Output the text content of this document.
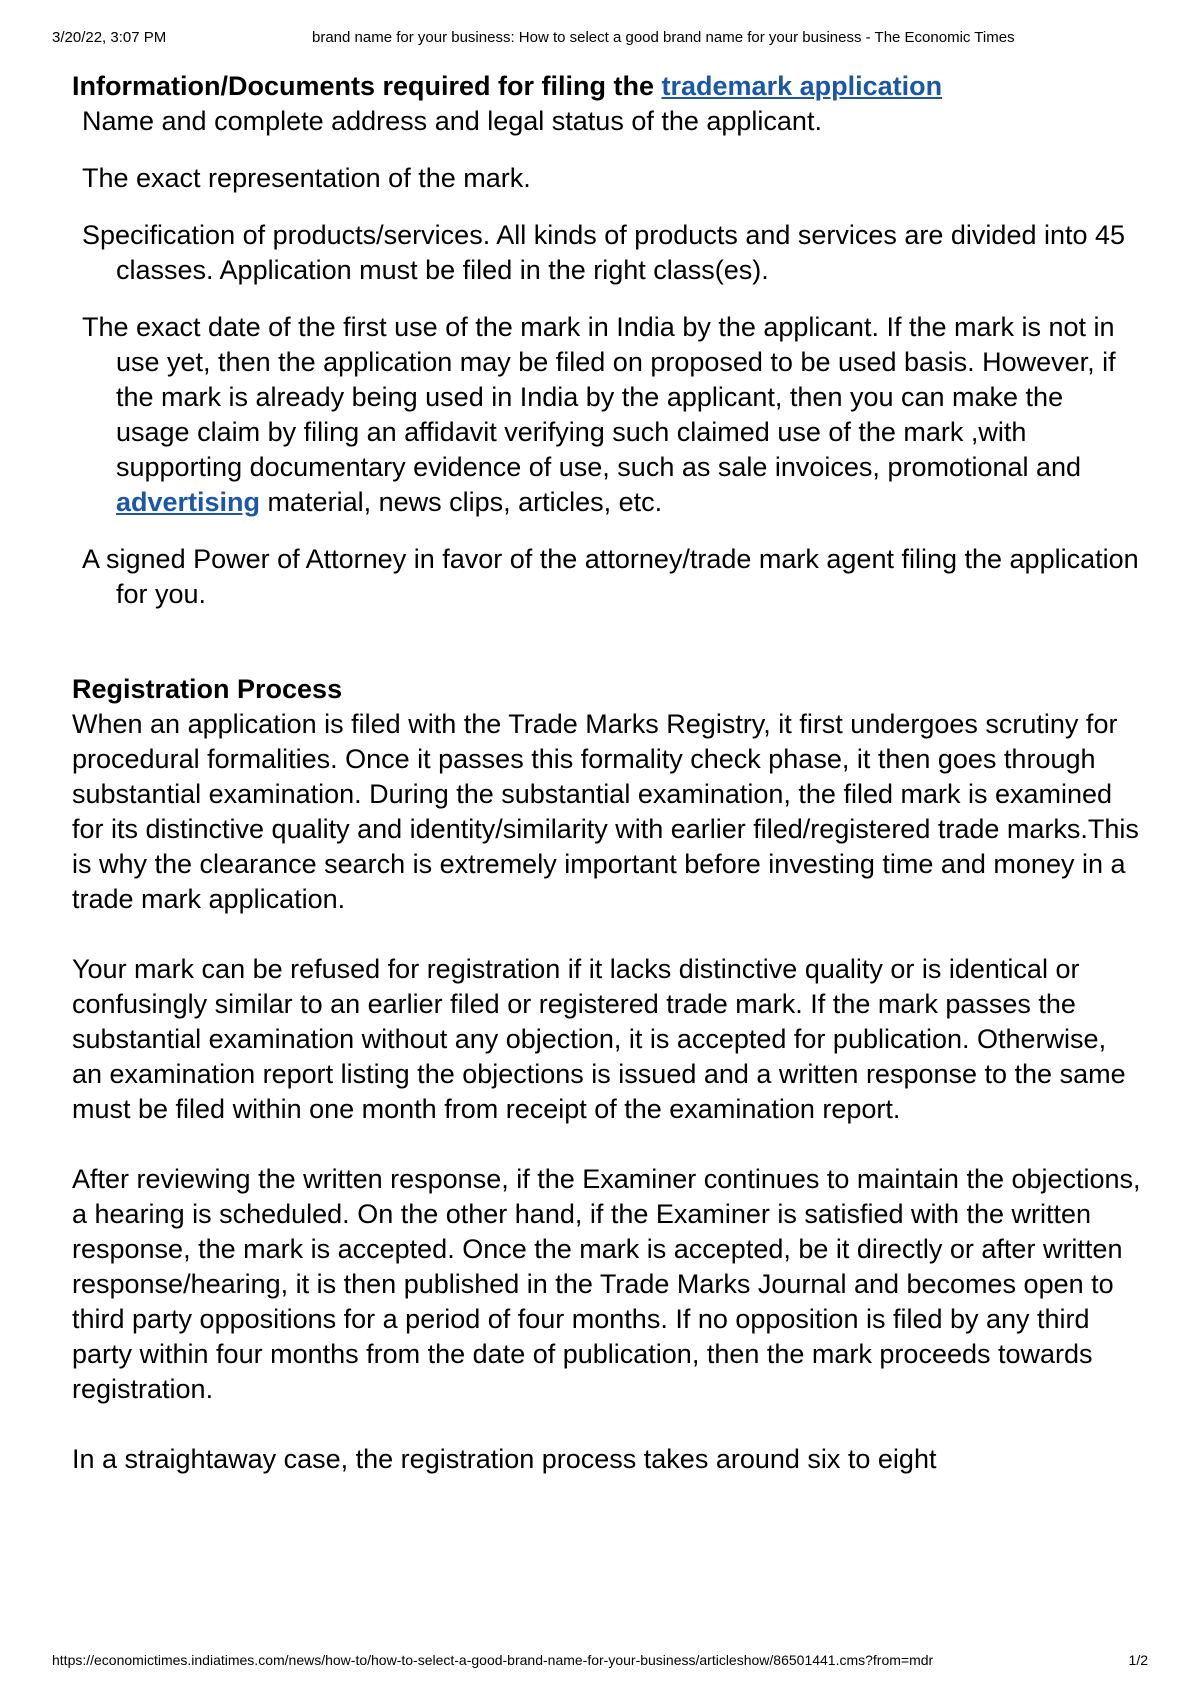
3/20/22, 3:07 PM	brand name for your business: How to select a good brand name for your business - The Economic Times

Information/Documents required for filing the trademark application

Name and complete address and legal status of the applicant.
The exact representation of the mark.
Specification of products/services. All kinds of products and services are divided into 45 classes. Application must be filed in the right class(es).
The exact date of the first use of the mark in India by the applicant. If the mark is not in use yet, then the application may be filed on proposed to be used basis. However, if the mark is already being used in India by the applicant, then you can make the usage claim by filing an affidavit verifying such claimed use of the mark ,with supporting documentary evidence of use, such as sale invoices, promotional and advertising material, news clips, articles, etc.
A signed Power of Attorney in favor of the attorney/trade mark agent filing the application for you.

Registration Process

When an application is filed with the Trade Marks Registry, it first undergoes scrutiny for procedural formalities. Once it passes this formality check phase, it then goes through substantial examination. During the substantial examination, the filed mark is examined for its distinctive quality and identity/similarity with earlier filed/registered trade marks.This is why the clearance search is extremely important before investing time and money in a trade mark application.

Your mark can be refused for registration if it lacks distinctive quality or is identical or confusingly similar to an earlier filed or registered trade mark. If the mark passes the substantial examination without any objection, it is accepted for publication. Otherwise, an examination report listing the objections is issued and a written response to the same must be filed within one month from receipt of the examination report.

After reviewing the written response, if the Examiner continues to maintain the objections, a hearing is scheduled. On the other hand, if the Examiner is satisfied with the written response, the mark is accepted. Once the mark is accepted, be it directly or after written response/hearing, it is then published in the Trade Marks Journal and becomes open to third party oppositions for a period of four months. If no opposition is filed by any third party within four months from the date of publication, then the mark proceeds towards registration.

In a straightaway case, the registration process takes around six to eight

https://economictimes.indiatimes.com/news/how-to/how-to-select-a-good-brand-name-for-your-business/articleshow/86501441.cms?from=mdr	1/2
